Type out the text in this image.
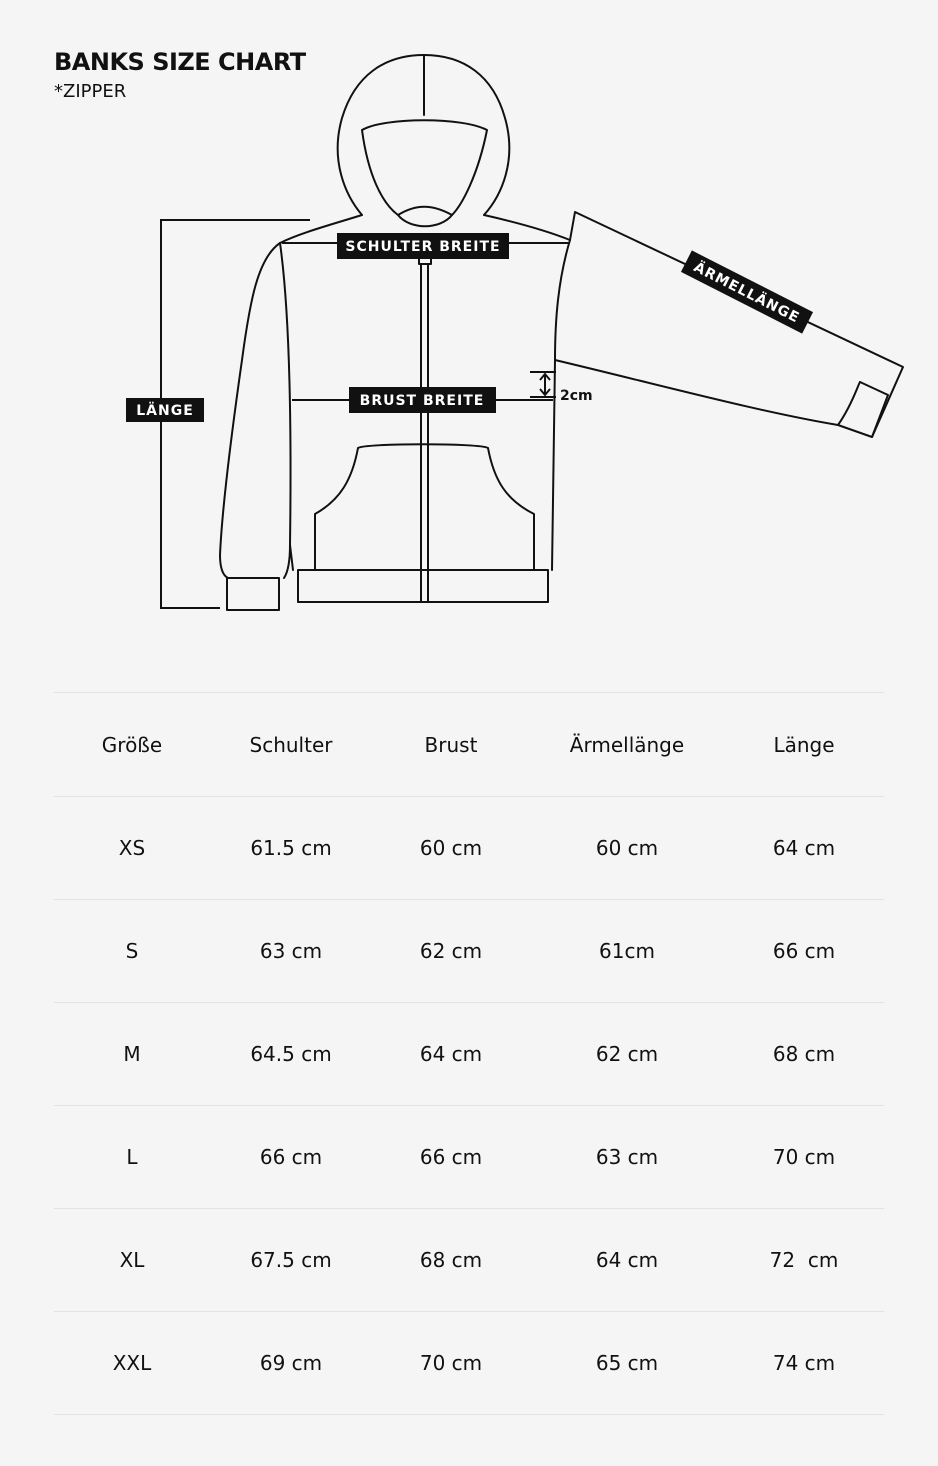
BANKS SIZE CHART
*ZIPPER
LÄNGE
SCHULTER BREITE
BRUST BREITE	2cm
ÄRMELLÄNGE
Größe	Schulter	Brust	Ärmellänge	Länge
XS	61.5 cm	60 cm	60 cm	64 cm
S	63 cm	62 cm	61cm	66 cm
M	64.5 cm	64 cm	62 cm	68 cm
L	66 cm	66 cm	63 cm	70 cm
XL	67.5 cm	68 cm	64 cm	72  cm
XXL	69 cm	70 cm	65 cm	74 cm
